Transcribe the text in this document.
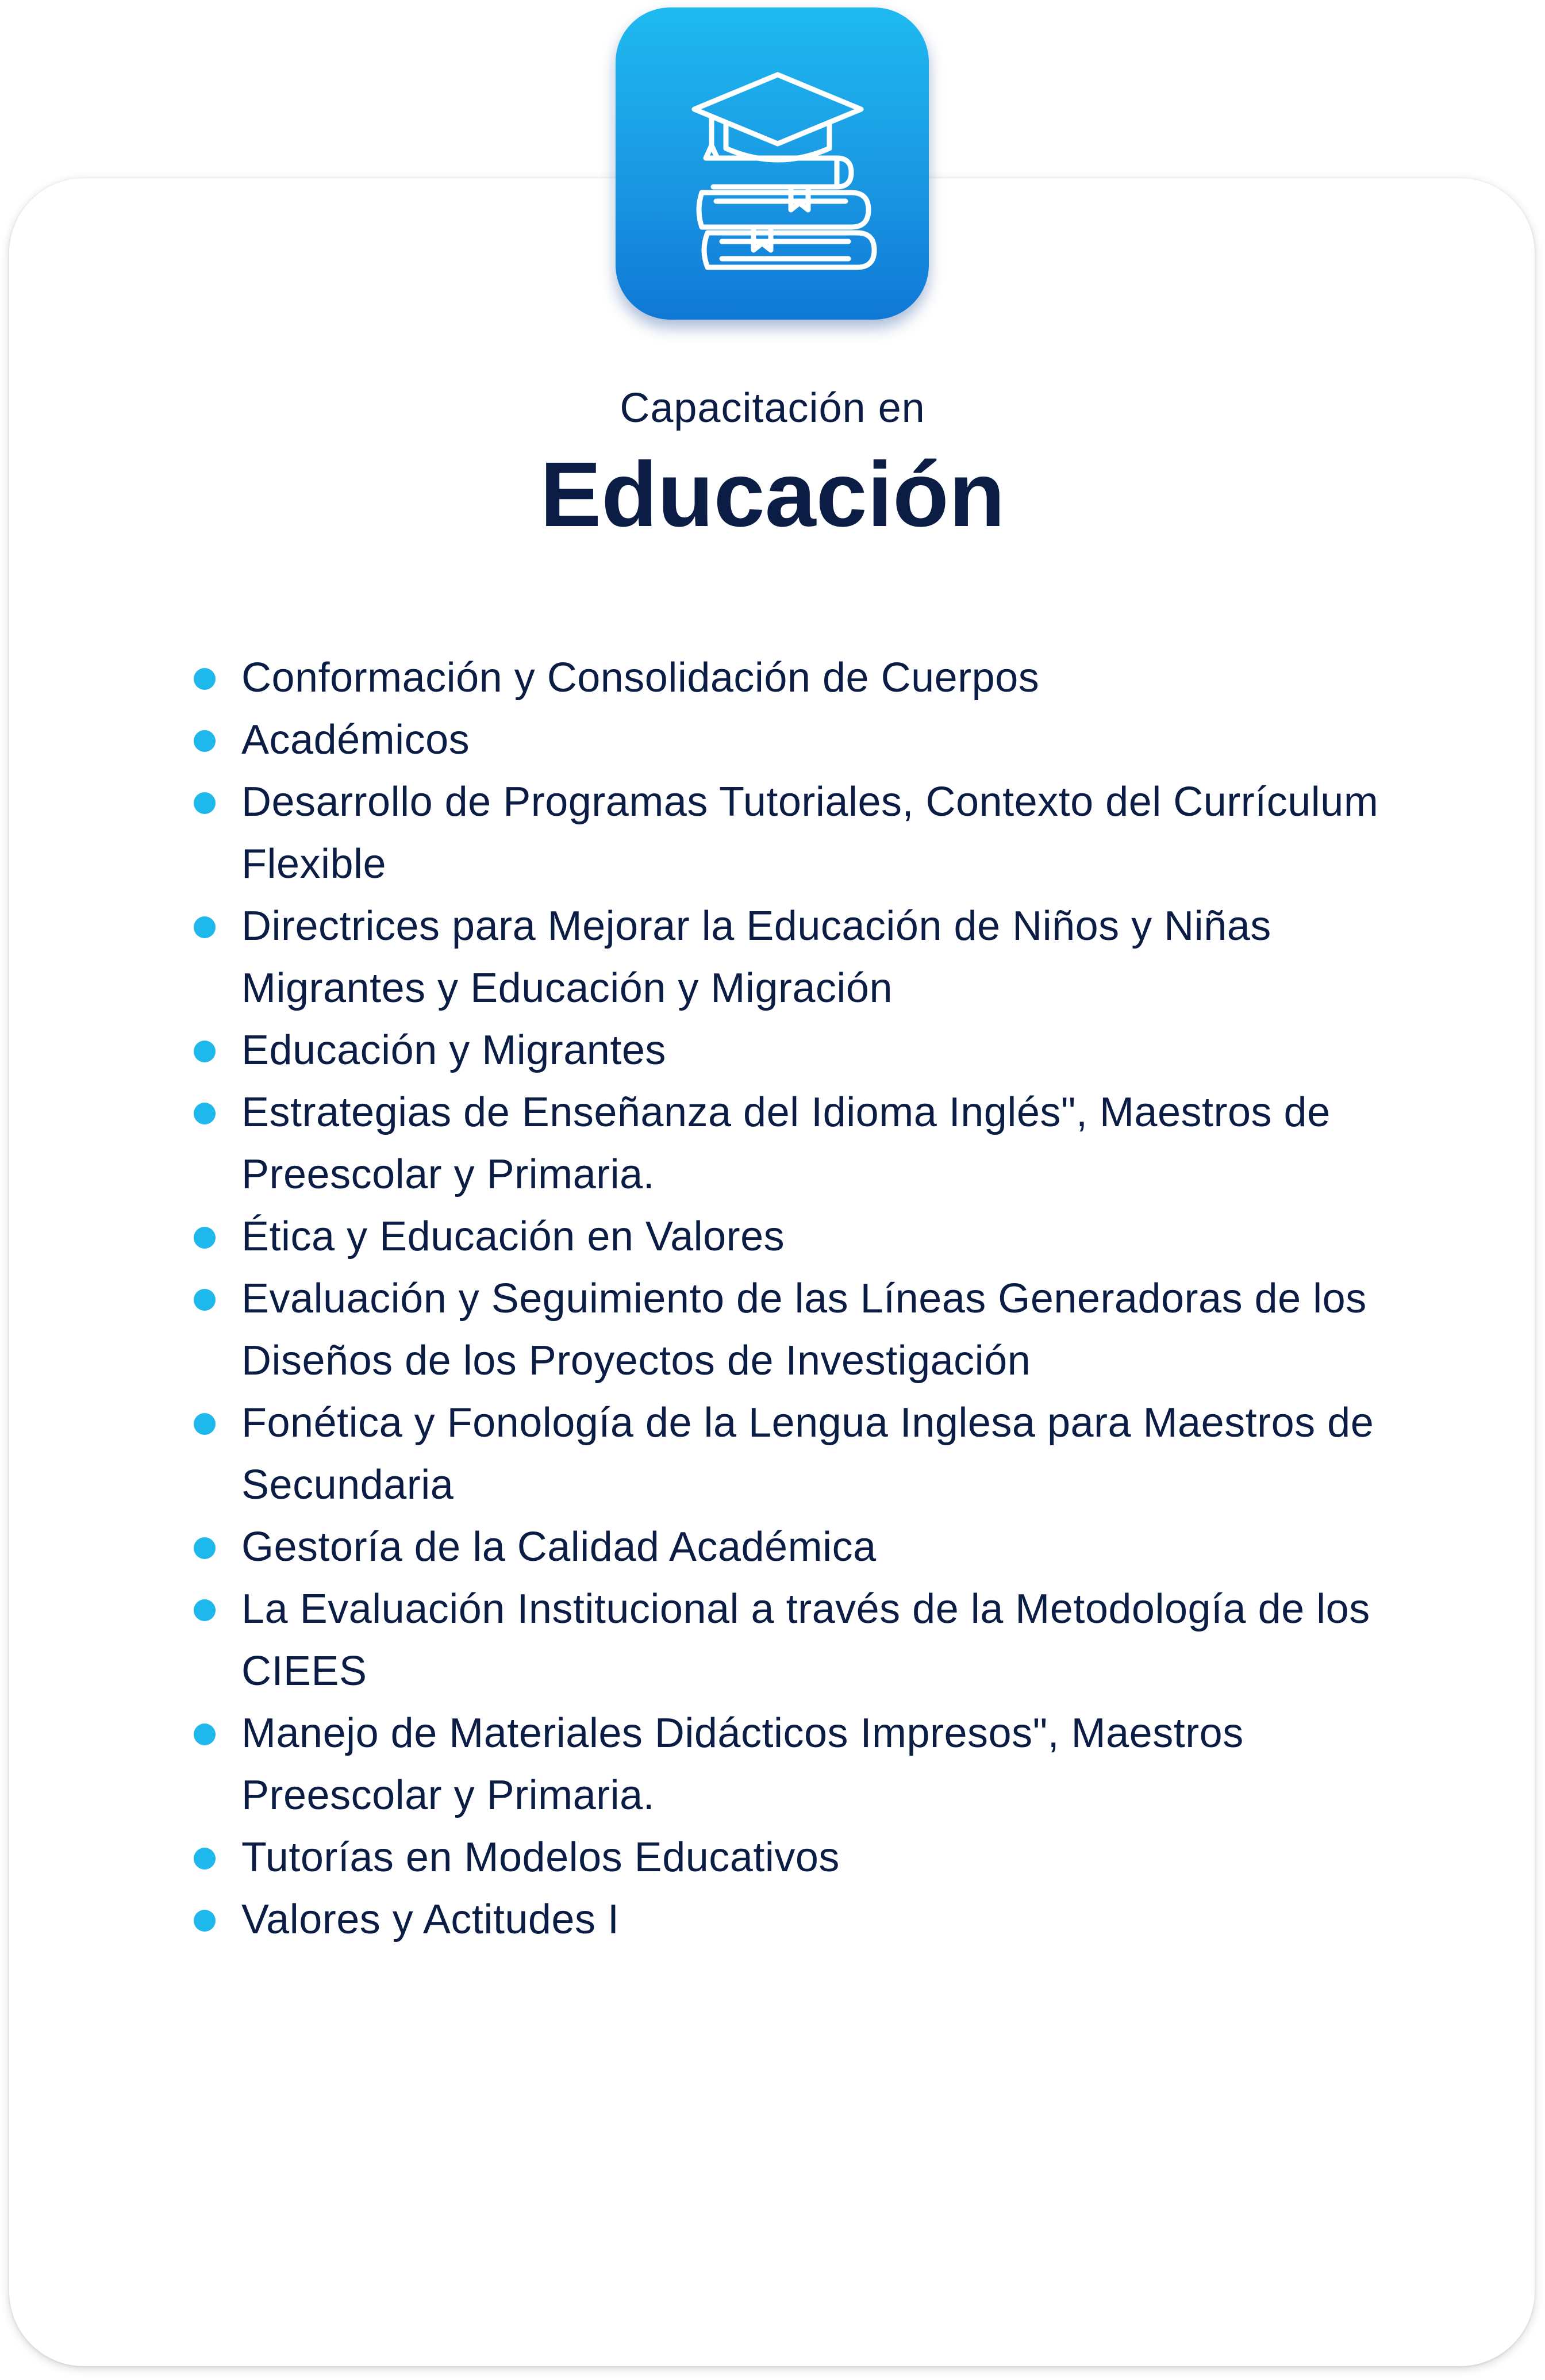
Capacitación en
Educación
Conformación y Consolidación de Cuerpos
Académicos
Desarrollo de Programas Tutoriales, Contexto del Currículum Flexible
Directrices para Mejorar la Educación de Niños y Niñas Migrantes y Educación y Migración
Educación y Migrantes
Estrategias de Enseñanza del Idioma Inglés", Maestros de Preescolar y Primaria.
Ética y Educación en Valores
Evaluación y Seguimiento de las Líneas Generadoras de los Diseños de los Proyectos de Investigación
Fonética y Fonología de la Lengua Inglesa para Maestros de Secundaria
Gestoría de la Calidad Académica
La Evaluación Institucional a través de la Metodología de los CIEES
Manejo de Materiales Didácticos Impresos", Maestros Preescolar y Primaria.
Tutorías en Modelos Educativos
Valores y Actitudes I
